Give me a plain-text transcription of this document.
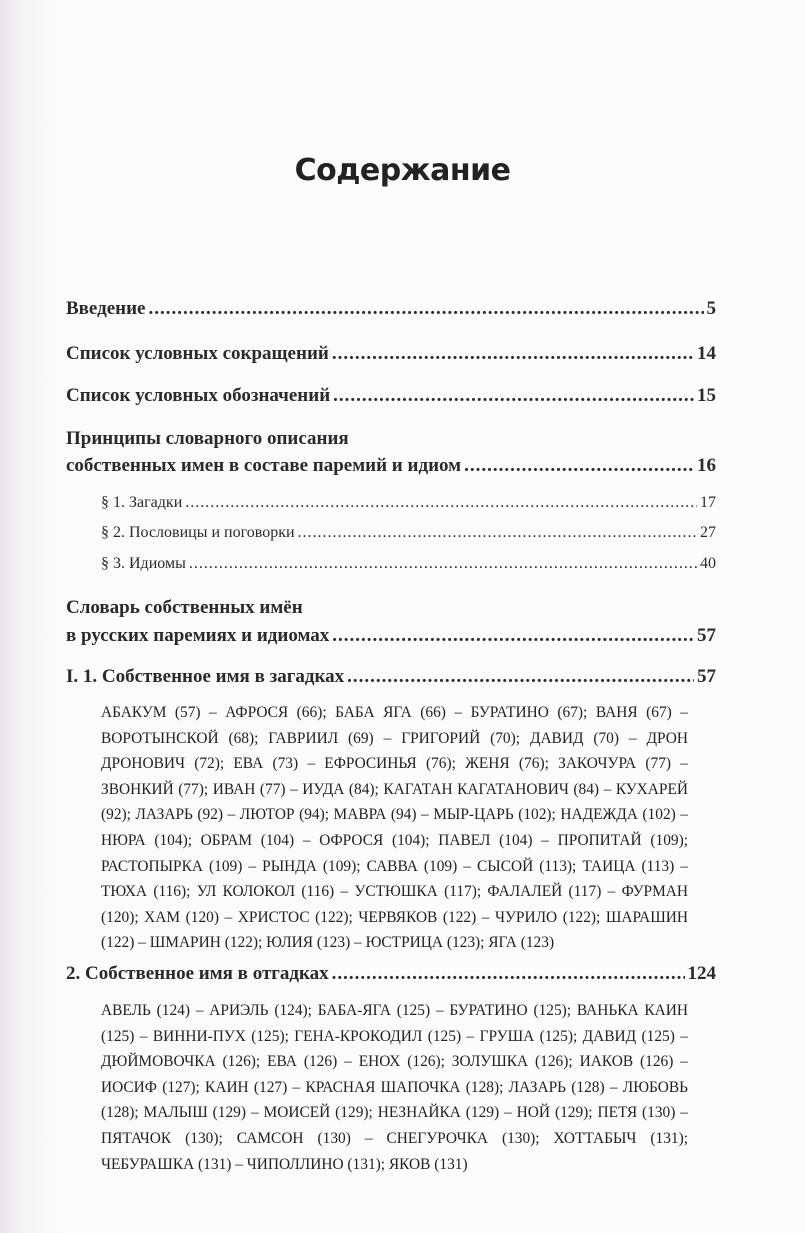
Содержание
Введение .....	5
Список условных сокращений .....	14
Список условных обозначений .....	15
Принципы словарного описания
собственных имен в составе паремий и идиом .....	16
§ 1. Загадки .....	17
§ 2. Пословицы и поговорки .....	27
§ 3. Идиомы .....	40
Словарь собственных имён
в русских паремиях и идиомах .....	57
I. 1. Собственное имя в загадках .....	57
АБАКУМ (57) – АФРОСЯ (66); БАБА ЯГА (66) – БУРАТИНО (67); ВАНЯ (67) – ВОРОТЫНСКОЙ (68); ГАВРИИЛ (69) – ГРИГОРИЙ (70); ДАВИД (70) – ДРОН ДРОНОВИЧ (72); ЕВА (73) – ЕФРОСИНЬЯ (76); ЖЕНЯ (76); ЗАКОЧУРА (77) – ЗВОНКИЙ (77); ИВАН (77) – ИУДА (84); КАГАТАН КАГАТАНОВИЧ (84) – КУХАРЕЙ (92); ЛАЗАРЬ (92) – ЛЮТОР (94); МАВРА (94) – МЫР-ЦАРЬ (102); НАДЕЖДА (102) – НЮРА (104); ОБРАМ (104) – ОФРОСЯ (104); ПАВЕЛ (104) – ПРОПИТАЙ (109); РАСТОПЫРКА (109) – РЫНДА (109); САВВА (109) – СЫСОЙ (113); ТАИЦА (113) – ТЮХА (116); УЛ КОЛОКОЛ (116) – УСТЮШКА (117); ФАЛАЛЕЙ (117) – ФУРМАН (120); ХАМ (120) – ХРИСТОС (122); ЧЕРВЯКОВ (122) – ЧУРИЛО (122); ШАРАШИН (122) – ШМАРИН (122); ЮЛИЯ (123) – ЮСТРИЦА (123); ЯГА (123)
2. Собственное имя в отгадках .....	124
АВЕЛЬ (124) – АРИЭЛЬ (124); БАБА-ЯГА (125) – БУРАТИНО (125); ВАНЬКА КАИН (125) – ВИННИ-ПУХ (125); ГЕНА-КРОКОДИЛ (125) – ГРУША (125); ДАВИД (125) – ДЮЙМОВОЧКА (126); ЕВА (126) – ЕНОХ (126); ЗОЛУШКА (126); ИАКОВ (126) – ИОСИФ (127); КАИН (127) – КРАСНАЯ ШАПОЧКА (128); ЛАЗАРЬ (128) – ЛЮБОВЬ (128); МАЛЫШ (129) – МОИСЕЙ (129); НЕЗНАЙКА (129) – НОЙ (129); ПЕТЯ (130) – ПЯТАЧОК (130); САМСОН (130) – СНЕГУРОЧКА (130); ХОТТАБЫЧ (131); ЧЕБУРАШКА (131) – ЧИПОЛЛИНО (131); ЯКОВ (131)
